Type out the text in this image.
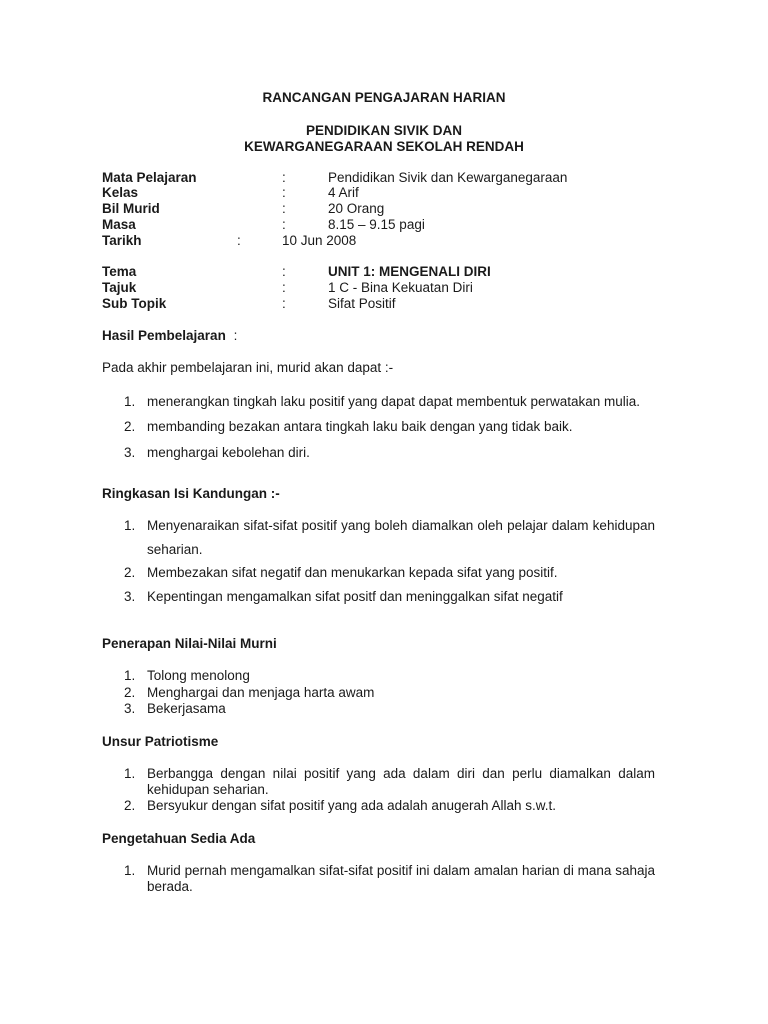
RANCANGAN PENGAJARAN HARIAN
PENDIDIKAN SIVIK DAN
KEWARGANEGARAAN SEKOLAH RENDAH
Mata Pelajaran	:	Pendidikan Sivik dan Kewarganegaraan
Kelas	:	4 Arif
Bil Murid	:	20 Orang
Masa	:	8.15 – 9.15 pagi
Tarikh	:	10 Jun 2008
Tema	:	UNIT 1: MENGENALI DIRI
Tajuk	:	1 C - Bina Kekuatan Diri
Sub Topik	:	Sifat Positif
Hasil Pembelajaran :
Pada akhir pembelajaran ini, murid akan dapat :-
1. menerangkan tingkah laku positif yang dapat dapat membentuk perwatakan mulia.
2. membanding bezakan antara tingkah laku baik dengan yang tidak baik.
3. menghargai kebolehan diri.
Ringkasan Isi Kandungan :-
1. Menyenaraikan sifat-sifat positif yang boleh diamalkan oleh pelajar dalam kehidupan seharian.
2. Membezakan sifat negatif dan menukarkan kepada sifat yang positif.
3. Kepentingan mengamalkan sifat positf dan meninggalkan sifat negatif
Penerapan Nilai-Nilai Murni
1. Tolong menolong
2. Menghargai dan menjaga harta awam
3. Bekerjasama
Unsur Patriotisme
1. Berbangga dengan nilai positif yang ada dalam diri dan perlu diamalkan dalam kehidupan seharian.
2. Bersyukur dengan sifat positif yang ada adalah anugerah Allah s.w.t.
Pengetahuan Sedia Ada
1. Murid pernah mengamalkan sifat-sifat positif ini dalam amalan harian di mana sahaja berada.
